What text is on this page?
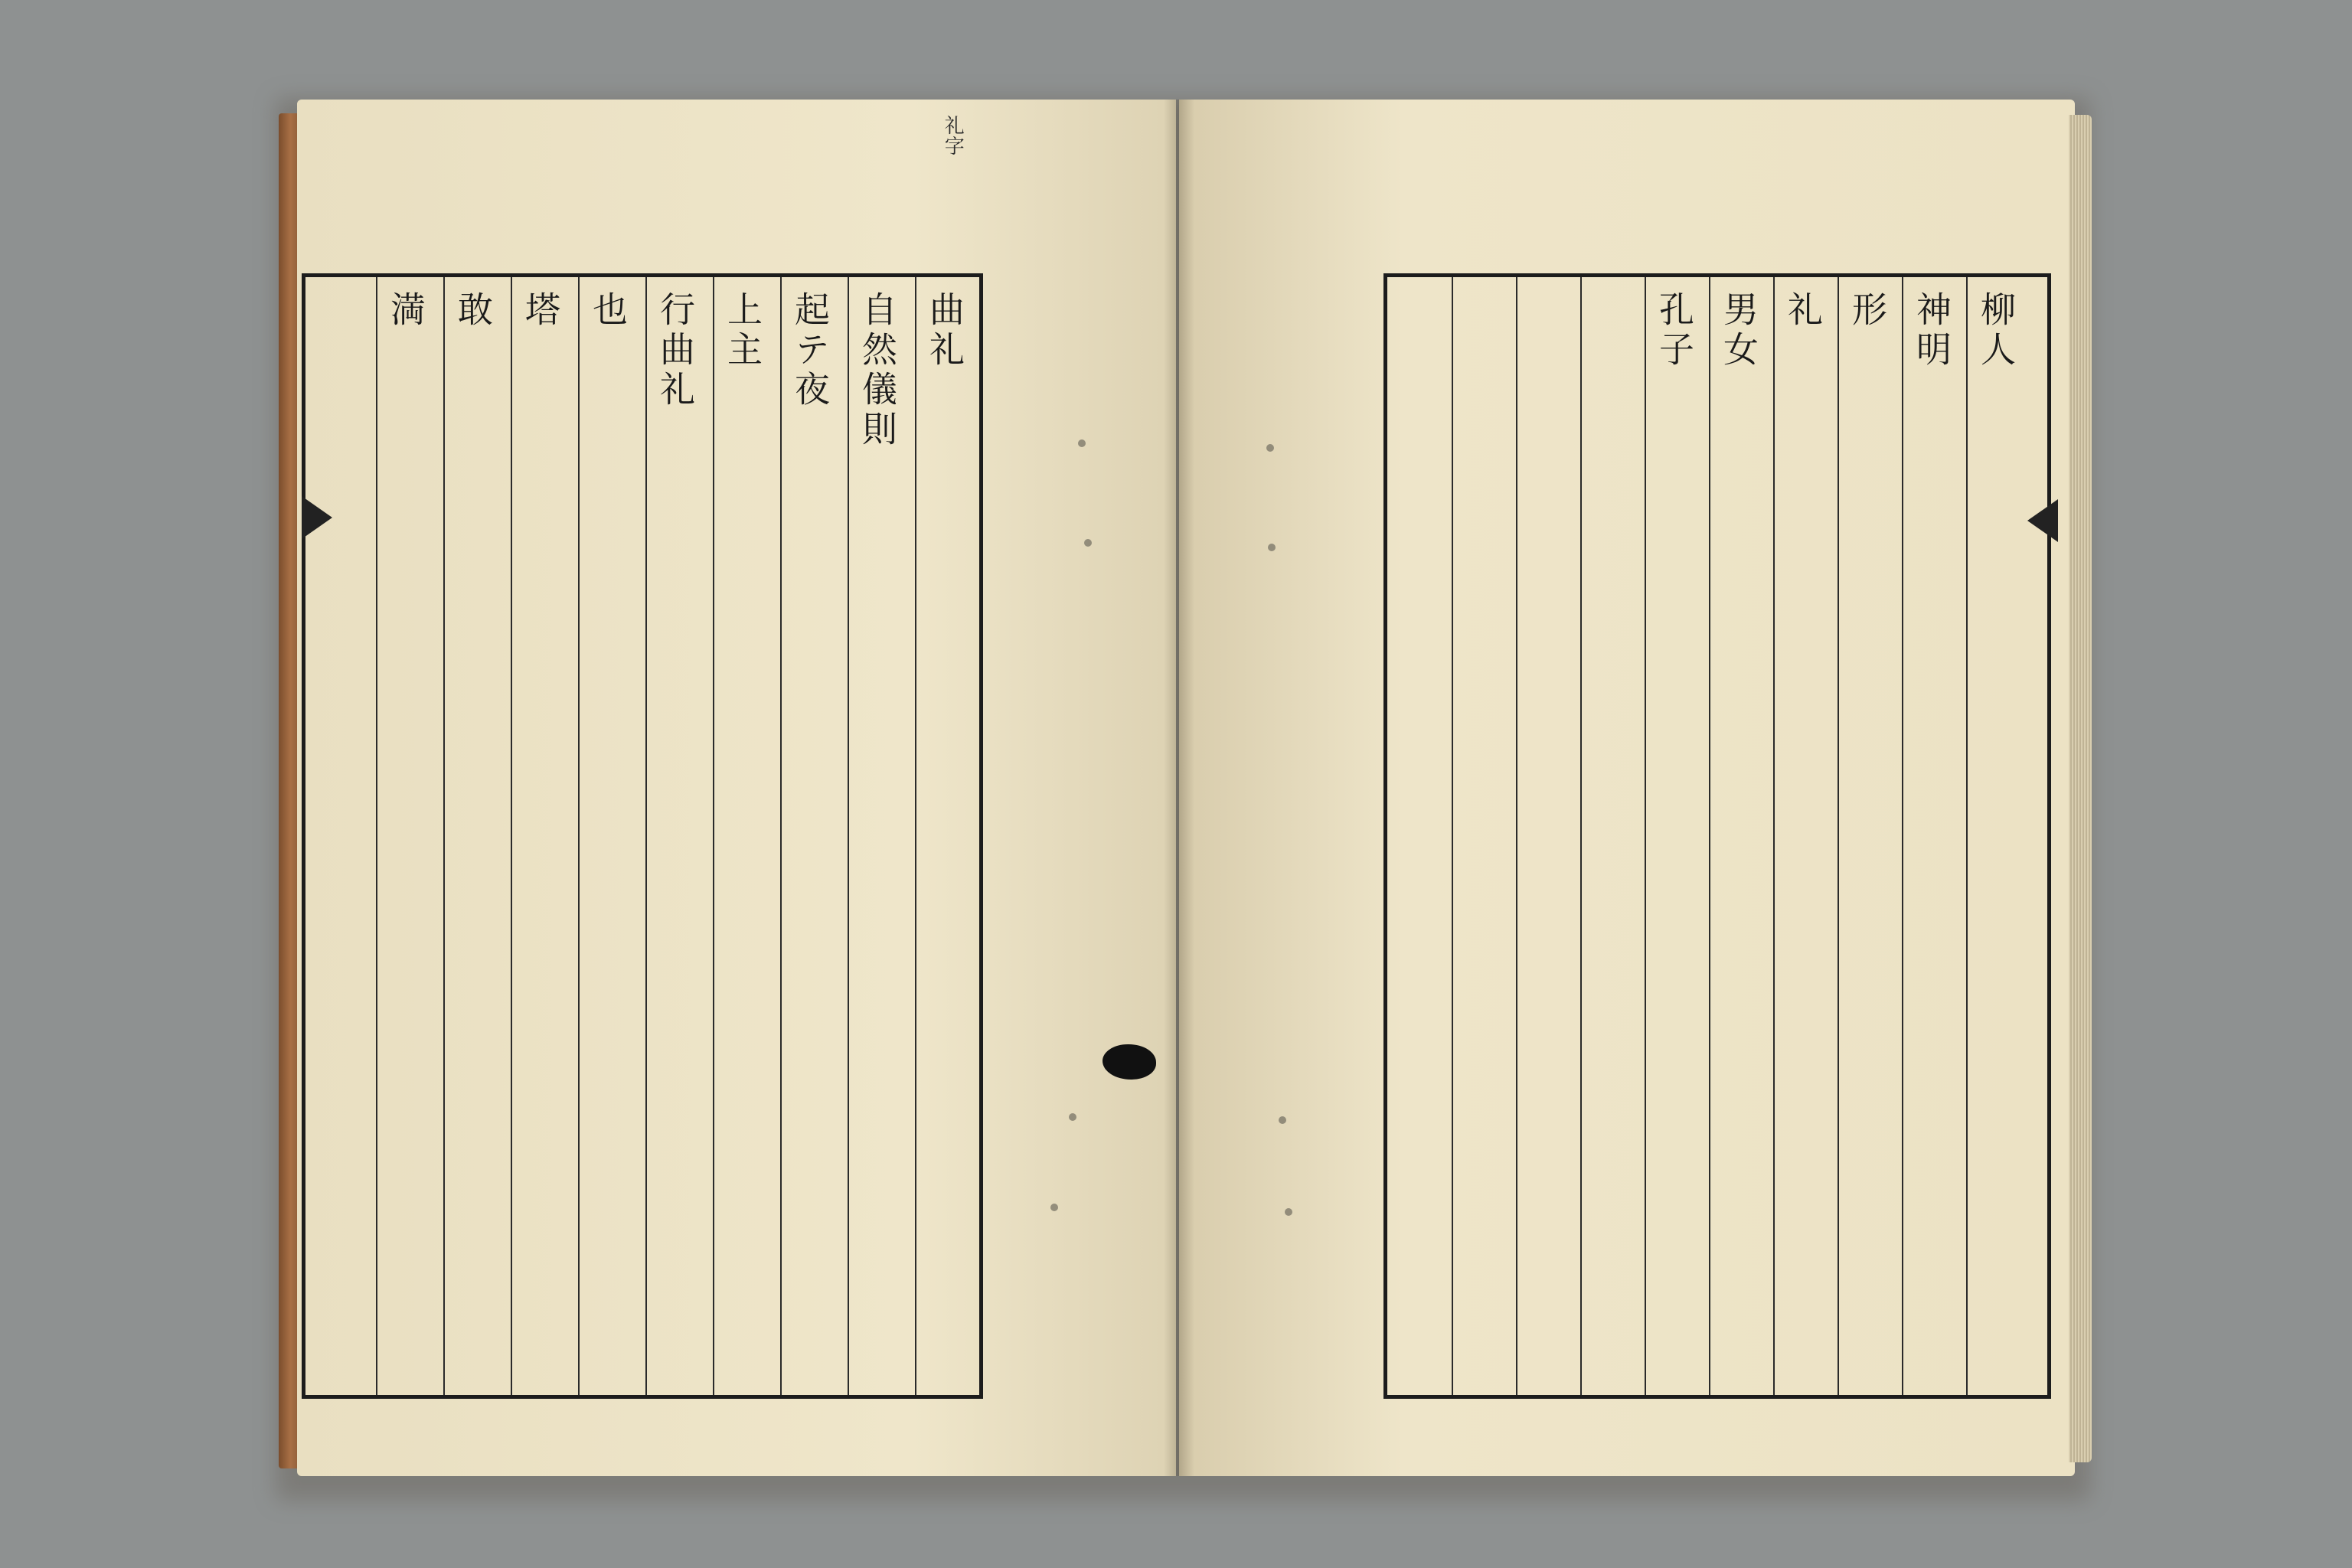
礼字
曲礼
自然儀則
起テ夜
上主
行曲礼
也
塔
敢
満	柳人
神明
形
礼
男女
孔子
